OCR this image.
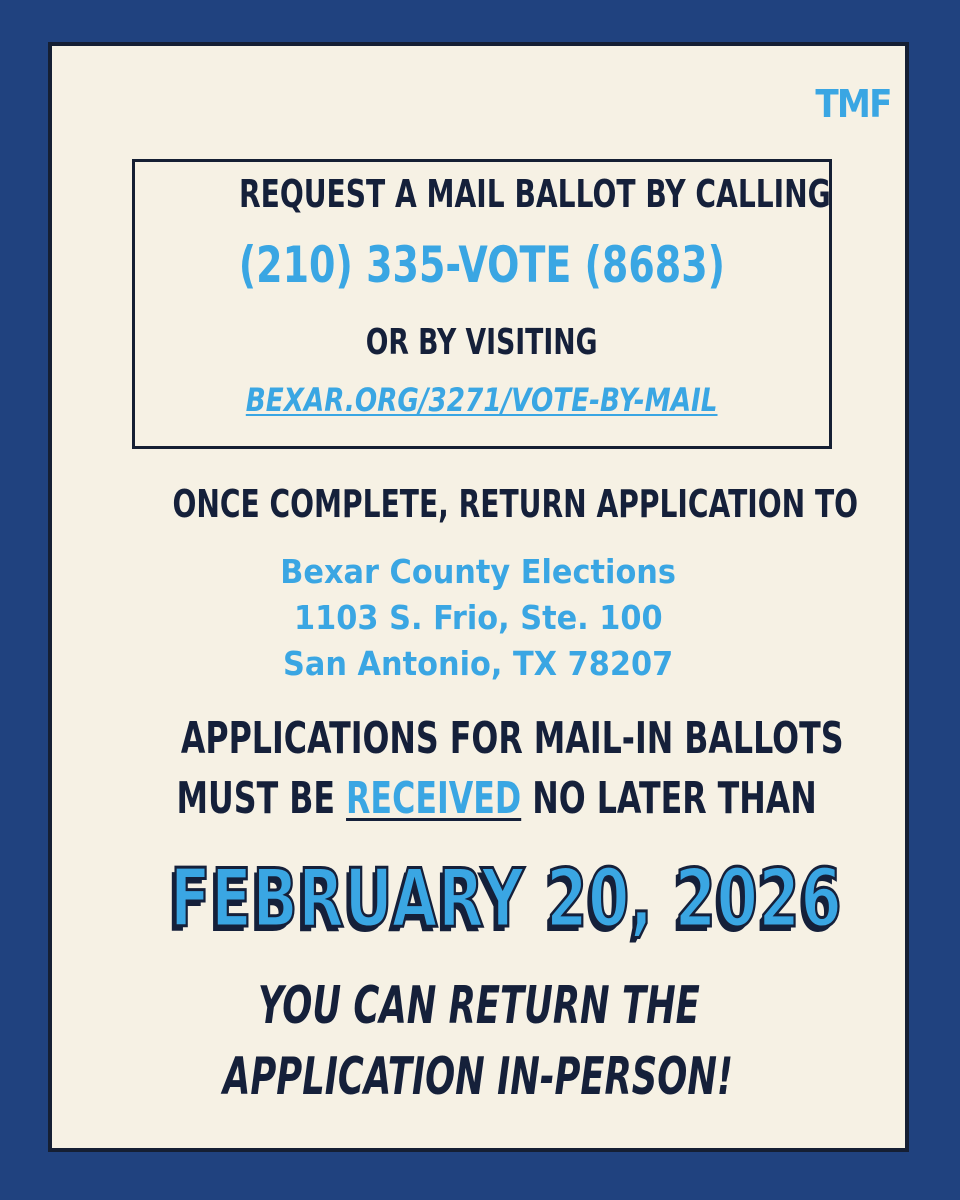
TMF
REQUEST A MAIL BALLOT BY CALLING
(210) 335-VOTE (8683)
OR BY VISITING
BEXAR.ORG/3271/VOTE-BY-MAIL
ONCE COMPLETE, RETURN APPLICATION TO
Bexar County Elections
1103 S. Frio, Ste. 100
San Antonio, TX 78207
APPLICATIONS FOR MAIL-IN BALLOTS
MUST BE RECEIVED NO LATER THAN
FEBRUARY 20, 2026
YOU CAN RETURN THE
APPLICATION IN-PERSON!
